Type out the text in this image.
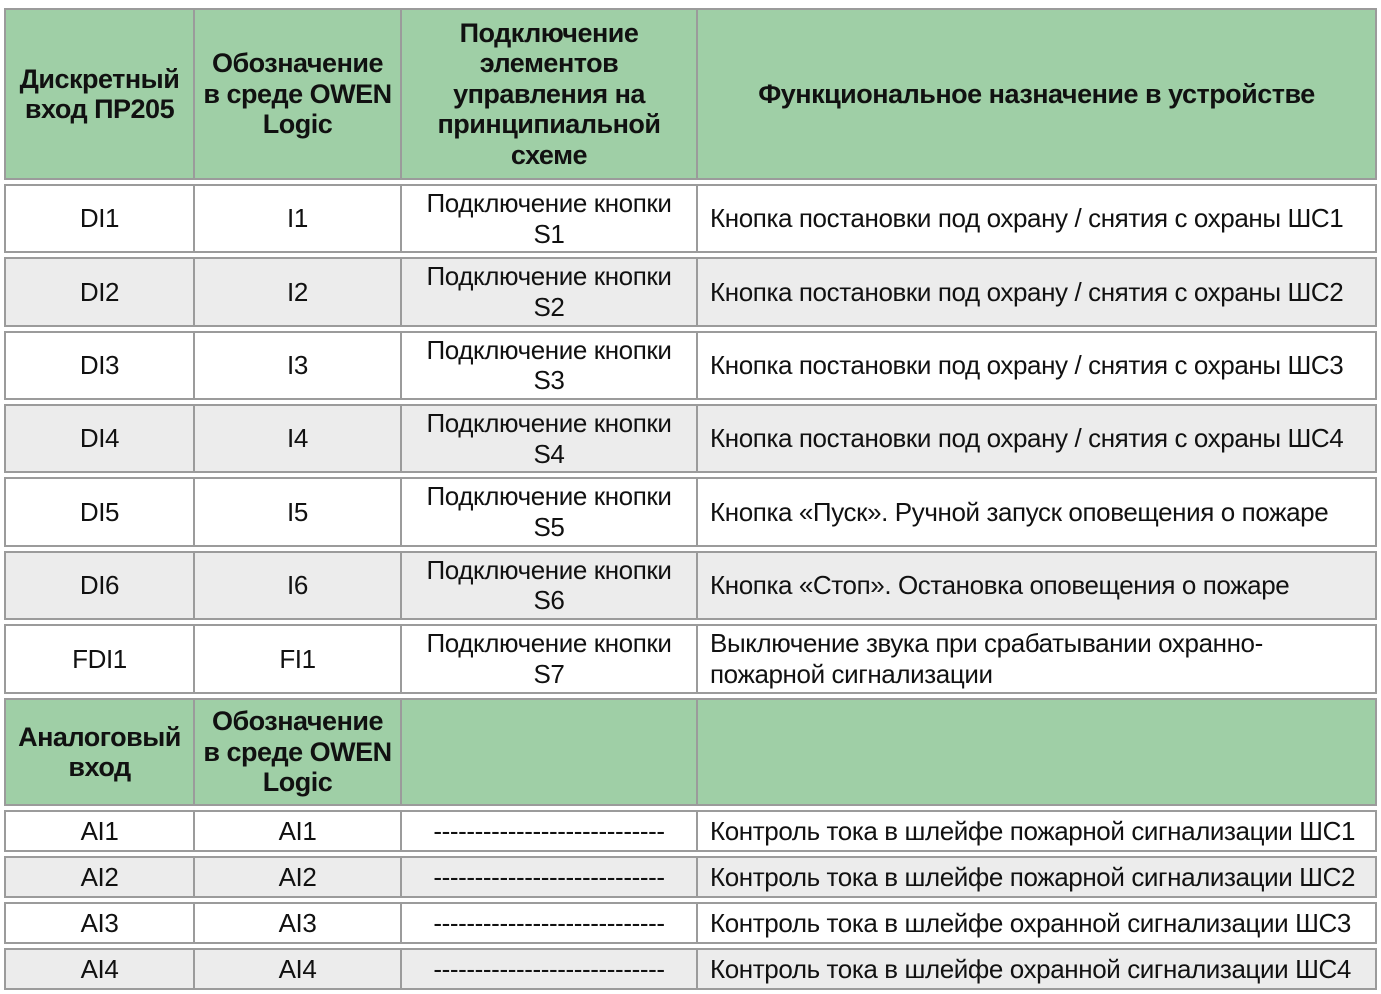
Дискретный вход ПР205	Обозначение в среде OWEN Logic	Подключение элементов управления на принципиальной схеме	Функциональное назначение в устройстве
DI1	I1	Подключение кнопки S1	Кнопка постановки под охрану / снятия с охраны ШС1
DI2	I2	Подключение кнопки S2	Кнопка постановки под охрану / снятия с охраны ШС2
DI3	I3	Подключение кнопки S3	Кнопка постановки под охрану / снятия с охраны ШС3
DI4	I4	Подключение кнопки S4	Кнопка постановки под охрану / снятия с охраны ШС4
DI5	I5	Подключение кнопки S5	Кнопка «Пуск». Ручной запуск оповещения о пожаре
DI6	I6	Подключение кнопки S6	Кнопка «Стоп». Остановка оповещения о пожаре
FDI1	FI1	Подключение кнопки S7	Выключение звука при срабатывании охранно-пожарной сигнализации
Аналоговый вход	Обозначение в среде OWEN Logic		
AI1	AI1	----------------------------	Контроль тока в шлейфе пожарной сигнализации ШС1
AI2	AI2	----------------------------	Контроль тока в шлейфе пожарной сигнализации ШС2
AI3	AI3	----------------------------	Контроль тока в шлейфе охранной сигнализации ШС3
AI4	AI4	----------------------------	Контроль тока в шлейфе охранной сигнализации ШС4
